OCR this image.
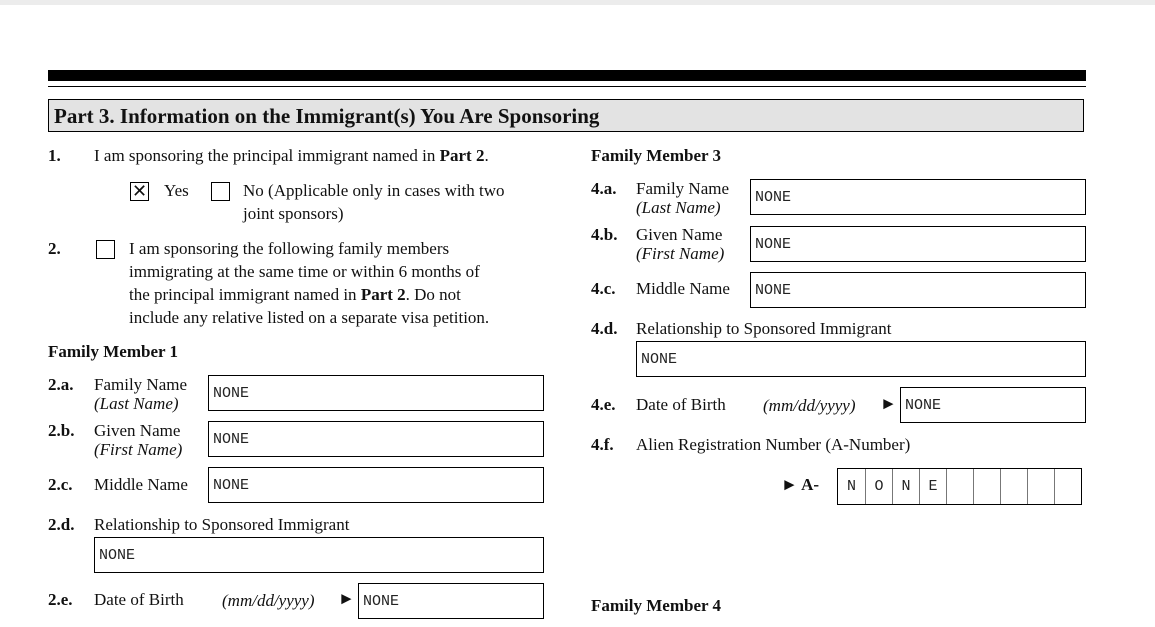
Part 3. Information on the Immigrant(s) You Are Sponsoring
1. I am sponsoring the principal immigrant named in Part 2.
✕ Yes	No (Applicable only in cases with two
joint sponsors)
2.	I am sponsoring the following family members
immigrating at the same time or within 6 months of
the principal immigrant named in Part 2. Do not
include any relative listed on a separate visa petition.
Family Member 1
2.a. Family Name
(Last Name)
NONE
2.b. Given Name
(First Name)
NONE
2.c. Middle Name	NONE
2.d. Relationship to Sponsored Immigrant
NONE
2.e. Date of Birth (mm/dd/yyyy) ► NONE
Family Member 3
4.a. Family Name
(Last Name)
NONE
4.b. Given Name
(First Name)	NONE
4.c. Middle Name	NONE
4.d. Relationship to Sponsored Immigrant
NONE
4.e. Date of Birth (mm/dd/yyyy) ► NONE
4.f. Alien Registration Number (A-Number)
► A-	N	O	N	E
Family Member 4
